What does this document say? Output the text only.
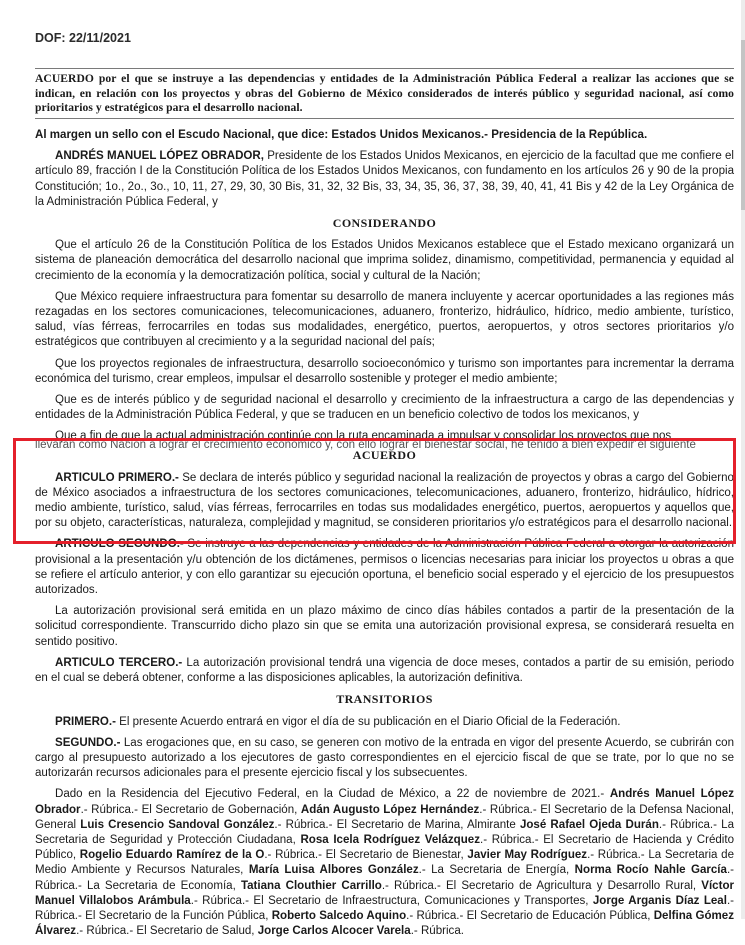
DOF: 22/11/2021

ACUERDO por el que se instruye a las dependencias y entidades de la Administración Pública Federal a realizar las acciones que se indican, en relación con los proyectos y obras del Gobierno de México considerados de interés público y seguridad nacional, así como prioritarios y estratégicos para el desarrollo nacional.

Al margen un sello con el Escudo Nacional, que dice: Estados Unidos Mexicanos.- Presidencia de la República.

ANDRÉS MANUEL LÓPEZ OBRADOR, Presidente de los Estados Unidos Mexicanos, en ejercicio de la facultad que me confiere el artículo 89, fracción I de la Constitución Política de los Estados Unidos Mexicanos, con fundamento en los artículos 26 y 90 de la propia Constitución; 1o., 2o., 3o., 10, 11, 27, 29, 30, 30 Bis, 31, 32, 32 Bis, 33, 34, 35, 36, 37, 38, 39, 40, 41, 41 Bis y 42 de la Ley Orgánica de la Administración Pública Federal, y

CONSIDERANDO

Que el artículo 26 de la Constitución Política de los Estados Unidos Mexicanos establece que el Estado mexicano organizará un sistema de planeación democrática del desarrollo nacional que imprima solidez, dinamismo, competitividad, permanencia y equidad al crecimiento de la economía y la democratización política, social y cultural de la Nación;

Que México requiere infraestructura para fomentar su desarrollo de manera incluyente y acercar oportunidades a las regiones más rezagadas en los sectores comunicaciones, telecomunicaciones, aduanero, fronterizo, hidráulico, hídrico, medio ambiente, turístico, salud, vías férreas, ferrocarriles en todas sus modalidades, energético, puertos, aeropuertos, y otros sectores prioritarios y/o estratégicos que contribuyen al crecimiento y a la seguridad nacional del país;

Que los proyectos regionales de infraestructura, desarrollo socioeconómico y turismo son importantes para incrementar la derrama económica del turismo, crear empleos, impulsar el desarrollo sostenible y proteger el medio ambiente;

Que es de interés público y de seguridad nacional el desarrollo y crecimiento de la infraestructura a cargo de las dependencias y entidades de la Administración Pública Federal, y que se traducen en un beneficio colectivo de todos los mexicanos, y

llevarán como Nación a lograr el crecimiento económico y, con ello lograr el bienestar social, he tenido a bien expedir el siguiente
Que a fin de que la actual administración continúe con la ruta encaminada a impulsar y consolidar los proyectos que nos
ACUERDO

ARTICULO PRIMERO.- Se declara de interés público y seguridad nacional la realización de proyectos y obras a cargo del Gobierno de México asociados a infraestructura de los sectores comunicaciones, telecomunicaciones, aduanero, fronterizo, hidráulico, hídrico, medio ambiente, turístico, salud, vías férreas, ferrocarriles en todas sus modalidades energético, puertos, aeropuertos y aquellos que, por su objeto, características, naturaleza, complejidad y magnitud, se consideren prioritarios y/o estratégicos para el desarrollo nacional.

ARTICULO SEGUNDO.- Se instruye a las dependencias y entidades de la Administración Pública Federal a otorgar la autorización provisional a la presentación y/u obtención de los dictámenes, permisos o licencias necesarias para iniciar los proyectos u obras a que se refiere el artículo anterior, y con ello garantizar su ejecución oportuna, el beneficio social esperado y el ejercicio de los presupuestos autorizados.

La autorización provisional será emitida en un plazo máximo de cinco días hábiles contados a partir de la presentación de la solicitud correspondiente. Transcurrido dicho plazo sin que se emita una autorización provisional expresa, se considerará resuelta en sentido positivo.

ARTICULO TERCERO.- La autorización provisional tendrá una vigencia de doce meses, contados a partir de su emisión, periodo en el cual se deberá obtener, conforme a las disposiciones aplicables, la autorización definitiva.

TRANSITORIOS

PRIMERO.- El presente Acuerdo entrará en vigor el día de su publicación en el Diario Oficial de la Federación.

SEGUNDO.- Las erogaciones que, en su caso, se generen con motivo de la entrada en vigor del presente Acuerdo, se cubrirán con cargo al presupuesto autorizado a los ejecutores de gasto correspondientes en el ejercicio fiscal de que se trate, por lo que no se autorizarán recursos adicionales para el presente ejercicio fiscal y los subsecuentes.

Dado en la Residencia del Ejecutivo Federal, en la Ciudad de México, a 22 de noviembre de 2021.- Andrés Manuel López Obrador.- Rúbrica.- El Secretario de Gobernación, Adán Augusto López Hernández.- Rúbrica.- El Secretario de la Defensa Nacional, General Luis Cresencio Sandoval González.- Rúbrica.- El Secretario de Marina, Almirante José Rafael Ojeda Durán.- Rúbrica.- La Secretaria de Seguridad y Protección Ciudadana, Rosa Icela Rodríguez Velázquez.- Rúbrica.- El Secretario de Hacienda y Crédito Público, Rogelio Eduardo Ramírez de la O.- Rúbrica.- El Secretario de Bienestar, Javier May Rodríguez.- Rúbrica.- La Secretaria de Medio Ambiente y Recursos Naturales, María Luisa Albores González.- La Secretaria de Energía, Norma Rocío Nahle García.- Rúbrica.- La Secretaria de Economía, Tatiana Clouthier Carrillo.- Rúbrica.- El Secretario de Agricultura y Desarrollo Rural, Víctor Manuel Villalobos Arámbula.- Rúbrica.- El Secretario de Infraestructura, Comunicaciones y Transportes, Jorge Arganis Díaz Leal.- Rúbrica.- El Secretario de la Función Pública, Roberto Salcedo Aquino.- Rúbrica.- El Secretario de Educación Pública, Delfina Gómez Álvarez.- Rúbrica.- El Secretario de Salud, Jorge Carlos Alcocer Varela.- Rúbrica.
